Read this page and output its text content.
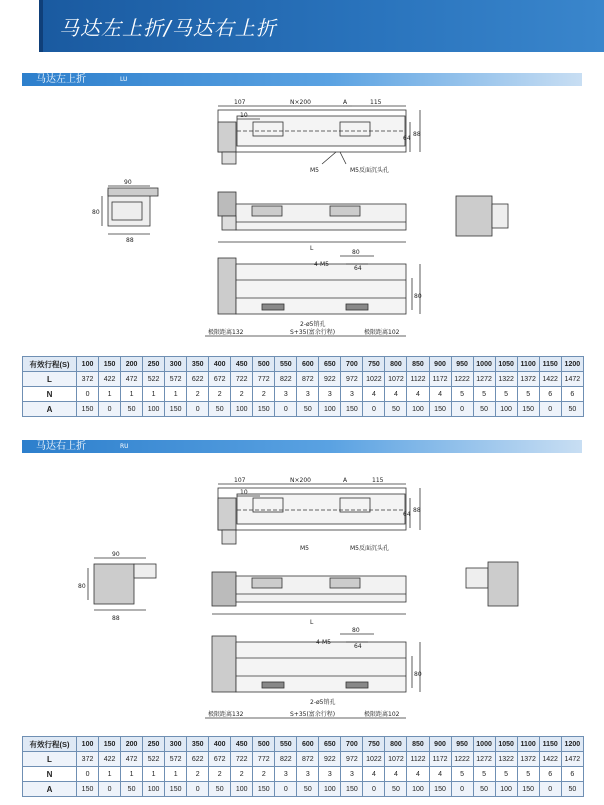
马达左上折/马达右上折
马达左上折	LU
107	N×200	A	115
10
64
88
M5	M5反面沉头孔
90
80
88
L
4-M5
80
64
80
2-ø5销孔
极限距离132	S+35(富余行程)	极限距离102
有效行程(S)	100	150	200	250	300	350	400	450	500	550	600	650	700	750	800	850	900	950	1000	1050	1100	1150	1200
L	372	422	472	522	572	622	672	722	772	822	872	922	972	1022	1072	1122	1172	1222	1272	1322	1372	1422	1472
N	0	1	1	1	1	2	2	2	2	3	3	3	3	4	4	4	4	5	5	5	5	6	6
A	150	0	50	100	150	0	50	100	150	0	50	100	150	0	50	100	150	0	50	100	150	0	50
马达右上折	RU
107	N×200	A	115
10
64
88
M5	M5反面沉头孔
90
80
88
L
4-M5
80
64
80
2-ø5销孔
极限距离132	S+35(富余行程)	极限距离102
有效行程(S)	100	150	200	250	300	350	400	450	500	550	600	650	700	750	800	850	900	950	1000	1050	1100	1150	1200
L	372	422	472	522	572	622	672	722	772	822	872	922	972	1022	1072	1122	1172	1222	1272	1322	1372	1422	1472
N	0	1	1	1	1	2	2	2	2	3	3	3	3	4	4	4	4	5	5	5	5	6	6
A	150	0	50	100	150	0	50	100	150	0	50	100	150	0	50	100	150	0	50	100	150	0	50
